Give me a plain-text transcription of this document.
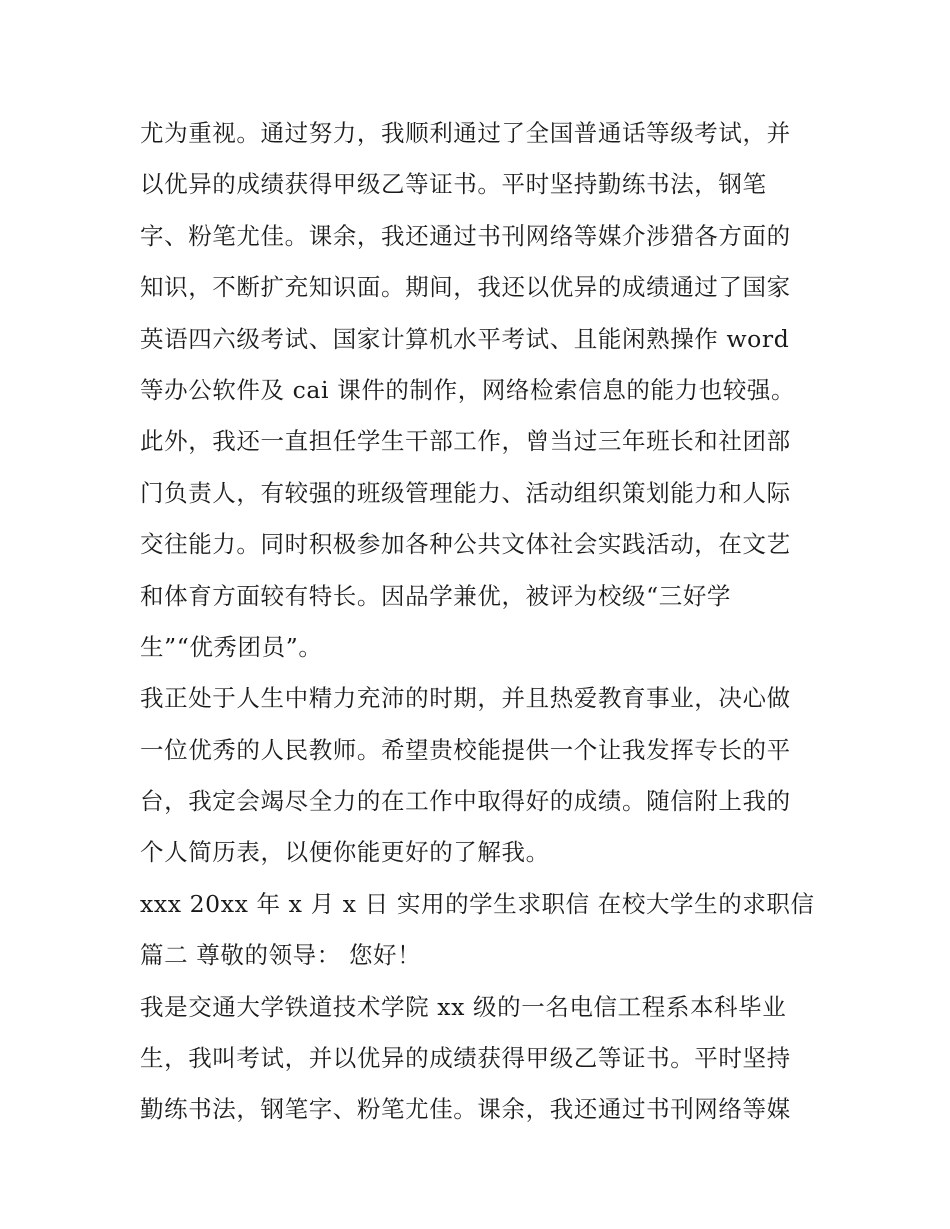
尤为重视。通过努力，我顺利通过了全国普通话等级考试，并
以优异的成绩获得甲级乙等证书。平时坚持勤练书法，钢笔
字、粉笔尤佳。课余，我还通过书刊网络等媒介涉猎各方面的
知识，不断扩充知识面。期间，我还以优异的成绩通过了国家
英语四六级考试、国家计算机水平考试、且能闲熟操作 word
等办公软件及 cai 课件的制作，网络检索信息的能力也较强。
此外，我还一直担任学生干部工作，曾当过三年班长和社团部
门负责人，有较强的班级管理能力、活动组织策划能力和人际
交往能力。同时积极参加各种公共文体社会实践活动，在文艺
和体育方面较有特长。因品学兼优，被评为校级“三好学
生”“优秀团员”。
我正处于人生中精力充沛的时期，并且热爱教育事业，决心做
一位优秀的人民教师。希望贵校能提供一个让我发挥专长的平
台，我定会竭尽全力的在工作中取得好的成绩。随信附上我的
个人简历表，以便你能更好的了解我。
xxx 20xx 年 x 月 x 日 实用的学生求职信 在校大学生的求职信
篇二 尊敬的领导： 您好！
我是交通大学铁道技术学院 xx 级的一名电信工程系本科毕业
生，我叫考试，并以优异的成绩获得甲级乙等证书。平时坚持
勤练书法，钢笔字、粉笔尤佳。课余，我还通过书刊网络等媒
